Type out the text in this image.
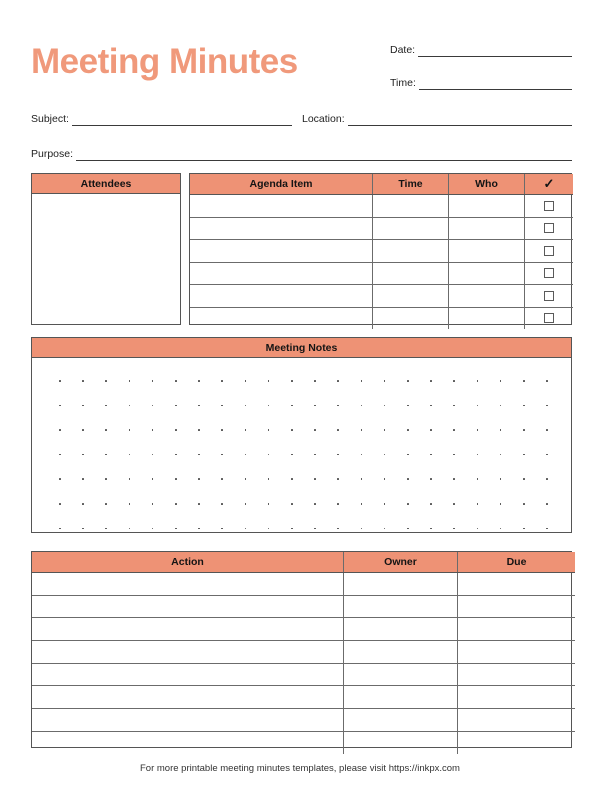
Meeting Minutes	Date:
Time:
Subject:	Location:
Purpose:
Attendees	Agenda Item	Time	Who	✓

Meeting Notes
Action	Owner	Due

For more printable meeting minutes templates, please visit https://inkpx.com
